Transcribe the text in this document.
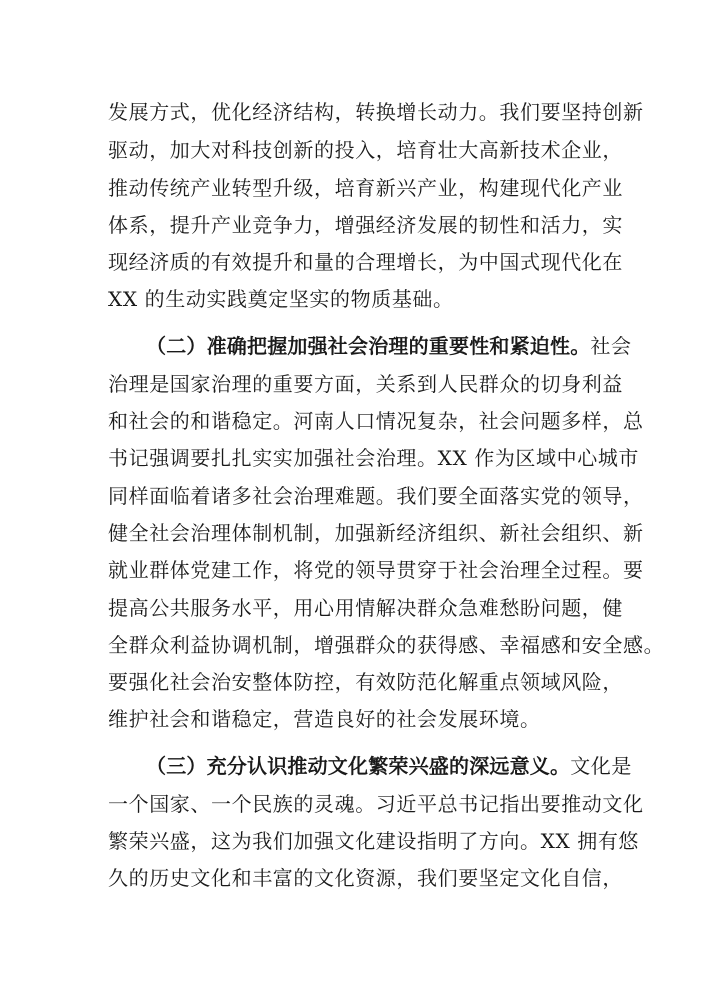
发展方式，优化经济结构，转换增长动力。我们要坚持创新
驱动，加大对科技创新的投入，培育壮大高新技术企业，
推动传统产业转型升级，培育新兴产业，构建现代化产业
体系，提升产业竞争力，增强经济发展的韧性和活力，实
现经济质的有效提升和量的合理增长，为中国式现代化在
XX 的生动实践奠定坚实的物质基础。
（二）准确把握加强社会治理的重要性和紧迫性。社会
治理是国家治理的重要方面，关系到人民群众的切身利益
和社会的和谐稳定。河南人口情况复杂，社会问题多样，总
书记强调要扎扎实实加强社会治理。XX 作为区域中心城市
同样面临着诸多社会治理难题。我们要全面落实党的领导，
健全社会治理体制机制，加强新经济组织、新社会组织、新
就业群体党建工作，将党的领导贯穿于社会治理全过程。要
提高公共服务水平，用心用情解决群众急难愁盼问题，健
全群众利益协调机制，增强群众的获得感、幸福感和安全感。
要强化社会治安整体防控，有效防范化解重点领域风险，
维护社会和谐稳定，营造良好的社会发展环境。
（三）充分认识推动文化繁荣兴盛的深远意义。文化是
一个国家、一个民族的灵魂。习近平总书记指出要推动文化
繁荣兴盛，这为我们加强文化建设指明了方向。XX 拥有悠
久的历史文化和丰富的文化资源，我们要坚定文化自信，
